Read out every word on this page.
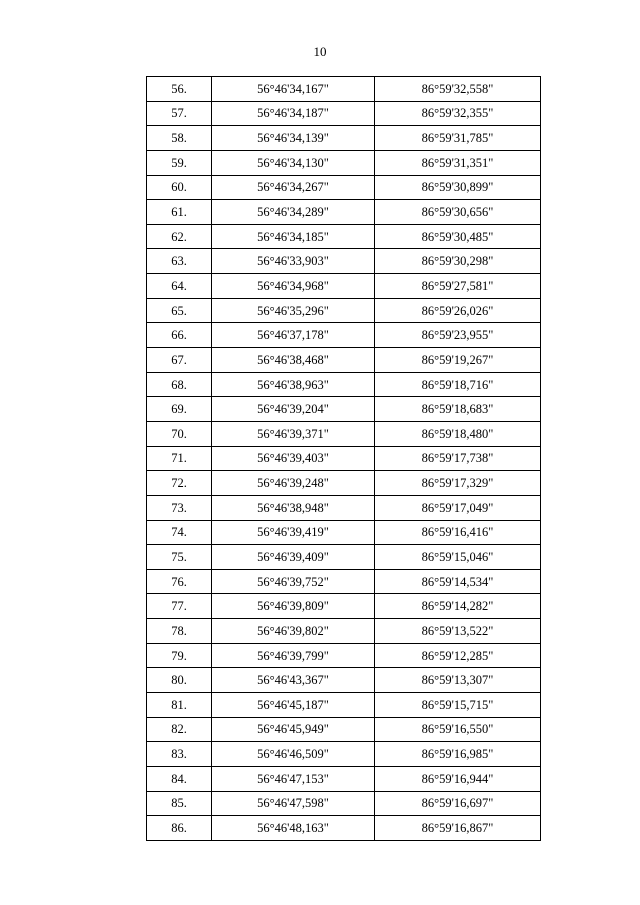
10
56.	56°46'34,167"	86°59'32,558"
57.	56°46'34,187"	86°59'32,355"
58.	56°46'34,139"	86°59'31,785"
59.	56°46'34,130"	86°59'31,351"
60.	56°46'34,267"	86°59'30,899"
61.	56°46'34,289"	86°59'30,656"
62.	56°46'34,185"	86°59'30,485"
63.	56°46'33,903"	86°59'30,298"
64.	56°46'34,968"	86°59'27,581"
65.	56°46'35,296"	86°59'26,026"
66.	56°46'37,178"	86°59'23,955"
67.	56°46'38,468"	86°59'19,267"
68.	56°46'38,963"	86°59'18,716"
69.	56°46'39,204"	86°59'18,683"
70.	56°46'39,371"	86°59'18,480"
71.	56°46'39,403"	86°59'17,738"
72.	56°46'39,248"	86°59'17,329"
73.	56°46'38,948"	86°59'17,049"
74.	56°46'39,419"	86°59'16,416"
75.	56°46'39,409"	86°59'15,046"
76.	56°46'39,752"	86°59'14,534"
77.	56°46'39,809"	86°59'14,282"
78.	56°46'39,802"	86°59'13,522"
79.	56°46'39,799"	86°59'12,285"
80.	56°46'43,367"	86°59'13,307"
81.	56°46'45,187"	86°59'15,715"
82.	56°46'45,949"	86°59'16,550"
83.	56°46'46,509"	86°59'16,985"
84.	56°46'47,153"	86°59'16,944"
85.	56°46'47,598"	86°59'16,697"
86.	56°46'48,163"	86°59'16,867"
